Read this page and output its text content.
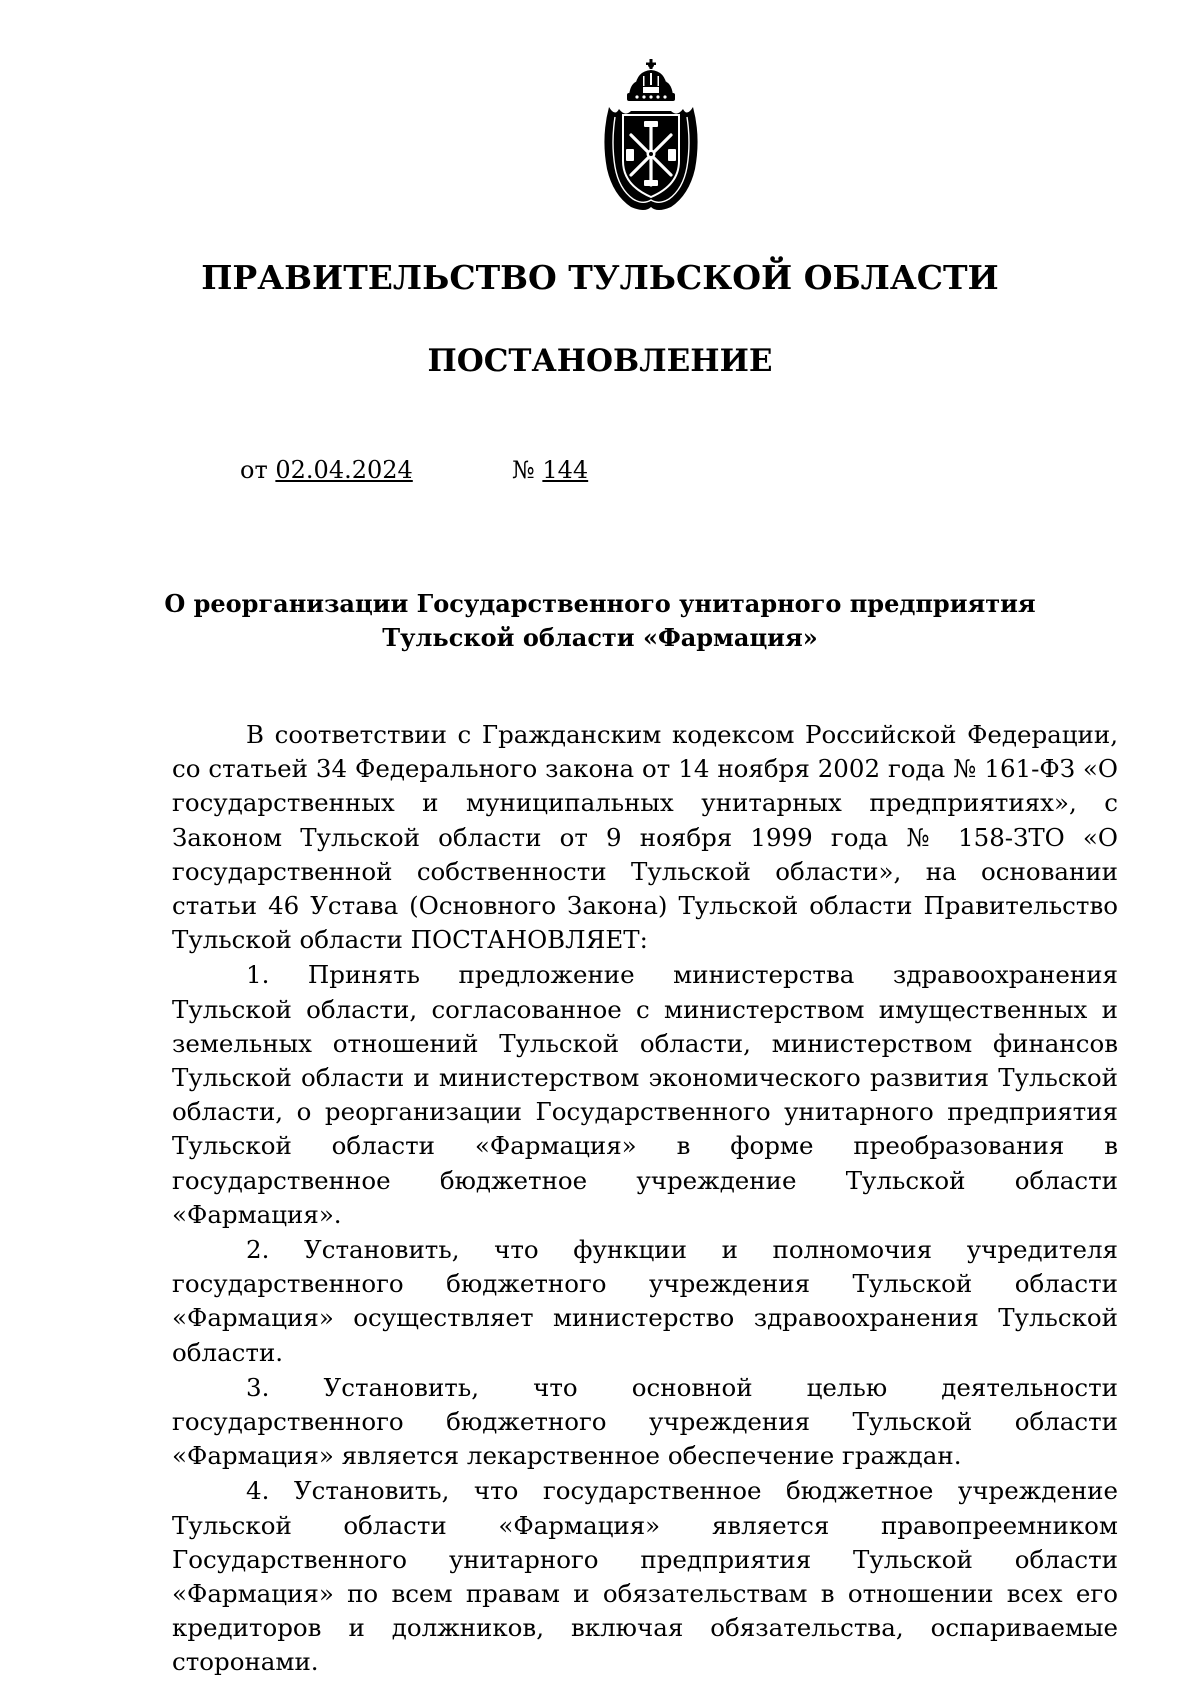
ПРАВИТЕЛЬСТВО ТУЛЬСКОЙ ОБЛАСТИ
ПОСТАНОВЛЕНИЕ
от 02.04.2024	№ 144
О реорганизации Государственного унитарного предприятия
Тульской области «Фармация»

В соответствии с Гражданским кодексом Российской Федерации, со статьей 34 Федерального закона от 14 ноября 2002 года № 161-ФЗ «О государственных и муниципальных унитарных предприятиях», с Законом Тульской области от 9 ноября 1999 года № 158-ЗТО «О государственной собственности Тульской области», на основании статьи 46 Устава (Основного Закона) Тульской области Правительство Тульской области ПОСТАНОВЛЯЕТ:

1. Принять предложение министерства здравоохранения Тульской области, согласованное с министерством имущественных и земельных отношений Тульской области, министерством финансов Тульской области и министерством экономического развития Тульской области, о реорганизации Государственного унитарного предприятия Тульской области «Фармация» в форме преобразования в государственное бюджетное учреждение Тульской области «Фармация».

2. Установить, что функции и полномочия учредителя государственного бюджетного учреждения Тульской области «Фармация» осуществляет министерство здравоохранения Тульской области.

3. Установить, что основной целью деятельности государственного бюджетного учреждения Тульской области «Фармация» является лекарственное обеспечение граждан.

4. Установить, что государственное бюджетное учреждение Тульской области «Фармация» является правопреемником Государственного унитарного предприятия Тульской области «Фармация» по всем правам и обязательствам в отношении всех его кредиторов и должников, включая обязательства, оспариваемые сторонами.
